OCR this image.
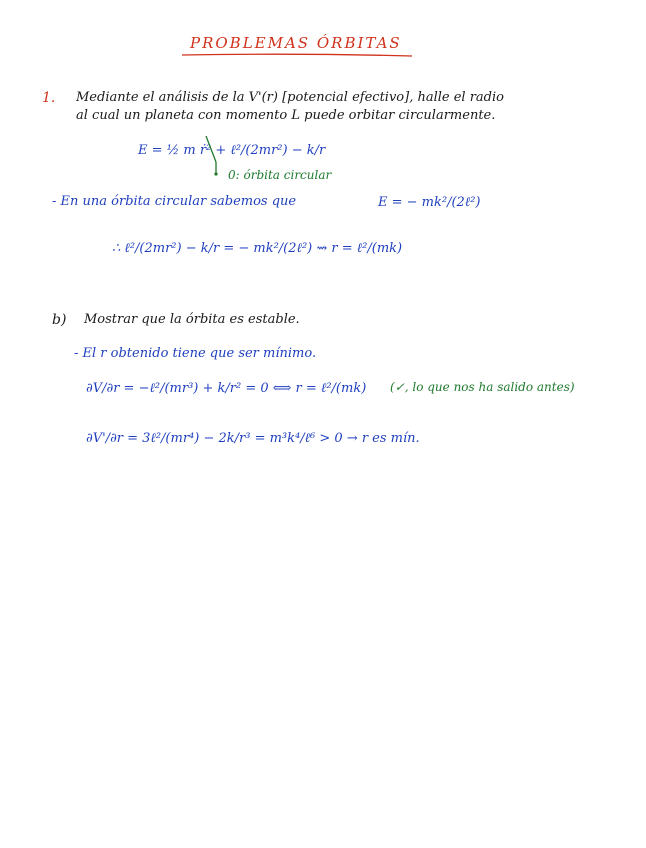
PROBLEMAS ÓRBITAS
1. Mediante el análisis de la V'(r) [potencial efectivo], halle el radio
al cual un planeta con momento L puede orbitar circularmente.
E = ½ m ṙ² + ℓ²/(2mr²) − k/r
0: órbita circular
- En una órbita circular sabemos que	E = − mk²/(2ℓ²)
∴ ℓ²/(2mr²) − k/r = − mk²/(2ℓ²) ⇝ r = ℓ²/(mk)
b) Mostrar que la órbita es estable.
- El r obtenido tiene que ser mínimo.
∂V/∂r = −ℓ²/(mr³) + k/r² = 0 ⟺ r = ℓ²/(mk) (✓, lo que nos ha salido antes)
∂V'/∂r = 3ℓ²/(mr⁴) − 2k/r³ = m³k⁴/ℓ⁶ > 0 → r es mín.
